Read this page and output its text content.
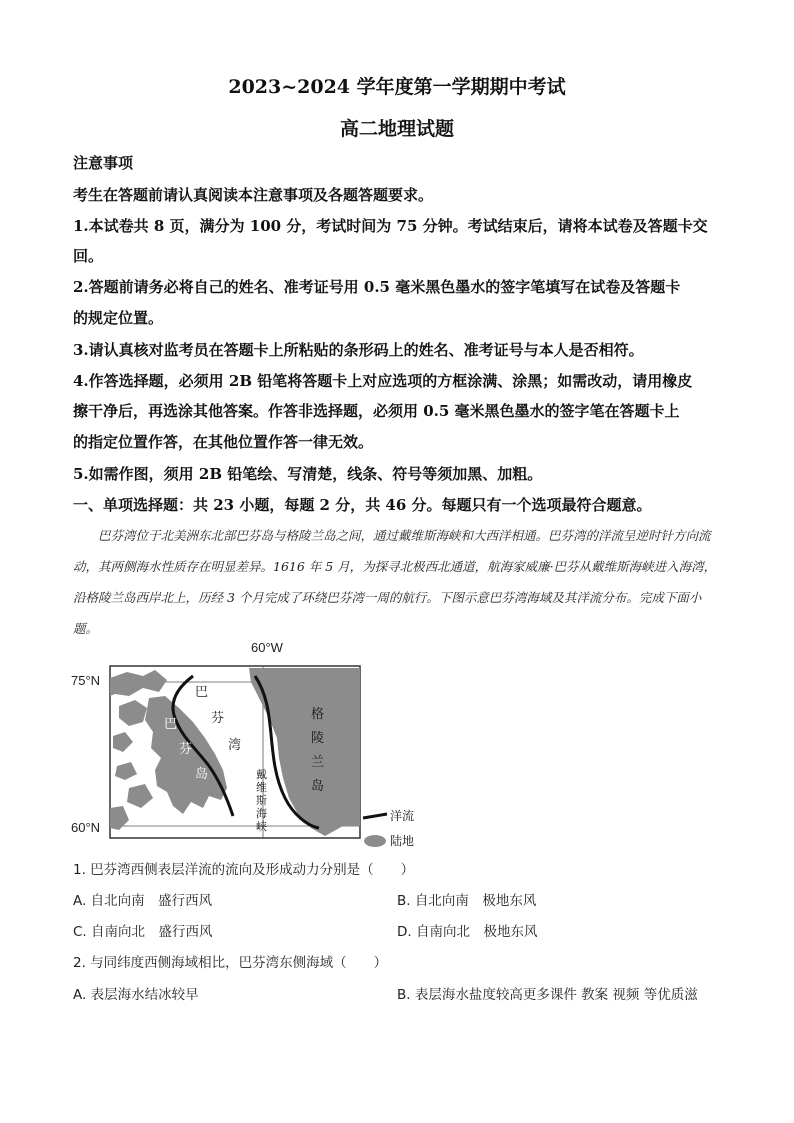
2023~2024 学年度第一学期期中考试
高二地理试题
注意事项
考生在答题前请认真阅读本注意事项及各题答题要求。
1.本试卷共 8 页，满分为 100 分，考试时间为 75 分钟。考试结束后，请将本试卷及答题卡交
回。
2.答题前请务必将自己的姓名、准考证号用 0.5 毫米黑色墨水的签字笔填写在试卷及答题卡
的规定位置。
3.请认真核对监考员在答题卡上所粘贴的条形码上的姓名、准考证号与本人是否相符。
4.作答选择题，必须用 2B 铅笔将答题卡上对应选项的方框涂满、涂黑；如需改动，请用橡皮
擦干净后，再选涂其他答案。作答非选择题，必须用 0.5 毫米黑色墨水的签字笔在答题卡上
的指定位置作答，在其他位置作答一律无效。
5.如需作图，须用 2B 铅笔绘、写清楚，线条、符号等须加黑、加粗。
一、单项选择题：共 23 小题，每题 2 分，共 46 分。每题只有一个选项最符合题意。
巴芬湾位于北美洲东北部巴芬岛与格陵兰岛之间，通过戴维斯海峡和大西洋相通。巴芬湾的洋流呈逆时针方向流动，其两侧海水性质存在明显差异。1616 年 5 月，为探寻北极西北通道，航海家威廉·巴芬从戴维斯海峡进入海湾，沿格陵兰岛西岸北上，历经 3 个月完成了环绕巴芬湾一周的航行。下图示意巴芬湾海域及其洋流分布。完成下面小题。
60°W
75°N
60°N
巴
芬
湾
巴
芬
岛
格
陵
兰
岛
戴
维
斯
海
峡
洋流
陆地
1. 巴芬湾西侧表层洋流的流向及形成动力分别是（　　）
A. 自北向南　盛行西风	B. 自北向南　极地东风
C. 自南向北　盛行西风	D. 自南向北　极地东风
2. 与同纬度西侧海域相比，巴芬湾东侧海域（　　）
A. 表层海水结冰较早	B. 表层海水盐度较高更多课件 教案 视频 等优质滋
